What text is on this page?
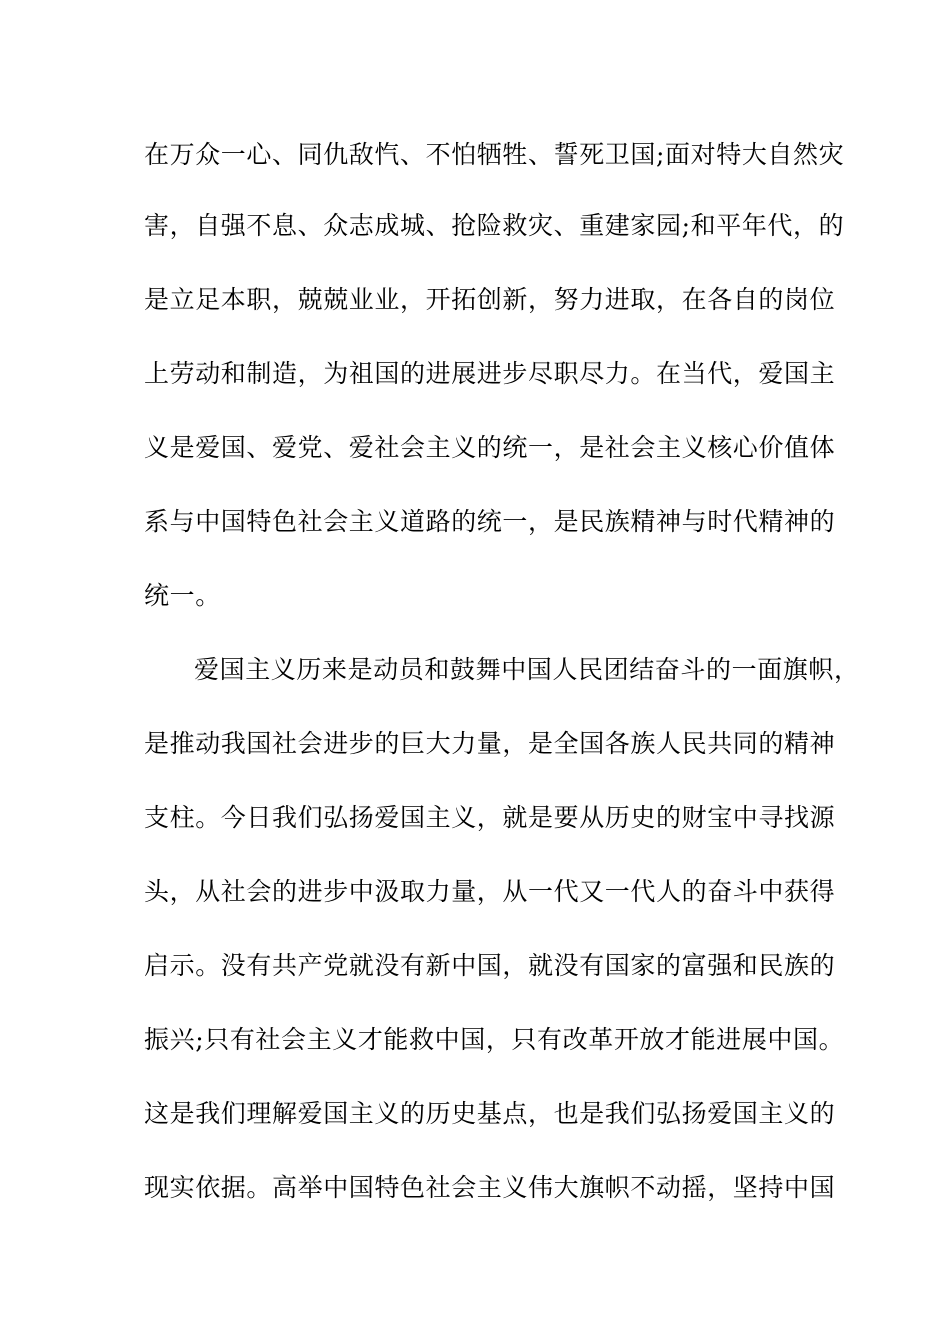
在万众一心、同仇敌忾、不怕牺牲、誓死卫国;面对特大自然灾
害，自强不息、众志成城、抢险救灾、重建家园;和平年代，的
是立足本职，兢兢业业，开拓创新，努力进取，在各自的岗位
上劳动和制造，为祖国的进展进步尽职尽力。在当代，爱国主
义是爱国、爱党、爱社会主义的统一，是社会主义核心价值体
系与中国特色社会主义道路的统一，是民族精神与时代精神的
统一。
爱国主义历来是动员和鼓舞中国人民团结奋斗的一面旗帜，
是推动我国社会进步的巨大力量，是全国各族人民共同的精神
支柱。今日我们弘扬爱国主义，就是要从历史的财宝中寻找源
头，从社会的进步中汲取力量，从一代又一代人的奋斗中获得
启示。没有共产党就没有新中国，就没有国家的富强和民族的
振兴;只有社会主义才能救中国，只有改革开放才能进展中国。
这是我们理解爱国主义的历史基点，也是我们弘扬爱国主义的
现实依据。高举中国特色社会主义伟大旗帜不动摇，坚持中国
